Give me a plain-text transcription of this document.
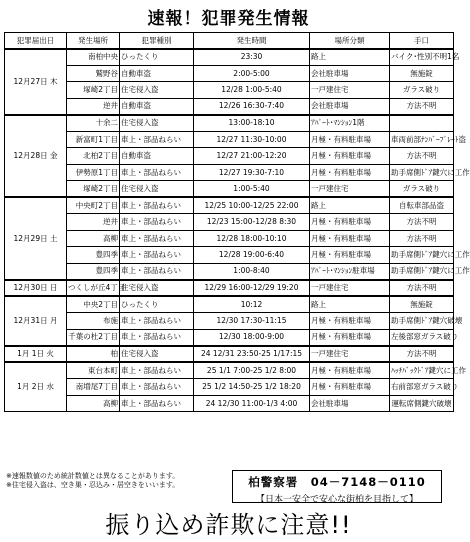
速報！犯罪発生情報
犯罪届出日	発生場所	犯罪種別	発生時間	場所分類	手口
12月27日 木	南柏中央	ひったくり	23:30	路上	バイク･性別不明1名
	鷲野谷	自動車盗	2:00-5:00	会社駐車場	無施錠
	塚崎2丁目	住宅侵入盗	12/28 1:00-5:40	一戸建住宅	ガラス破り
	逆井	自動車盗	12/26 16:30-7:40	会社駐車場	方法不明
12月28日 金	十余二	住宅侵入盗	13:00-18:10	ｱﾊﾟｰﾄ･ﾏﾝｼｮﾝ1階	
	新富町1丁目	車上・部品ねらい	12/27 11:30-10:00	月極・有料駐車場	車両前部ﾅﾝﾊﾞｰﾌﾟﾚｰﾄ盗
	北柏2丁目	自動車盗	12/27 21:00-12:20	月極・有料駐車場	方法不明
	伊勢原1丁目	車上・部品ねらい	12/27 19:30-7:10	月極・有料駐車場	助手席側ﾄﾞｱ鍵穴に工作
	塚崎2丁目	住宅侵入盗	1:00-5:40	一戸建住宅	ガラス破り
12月29日 土	中央町2丁目	車上・部品ねらい	12/25 10:00-12/25 22:00	路上	自転車部品盗
	逆井	車上・部品ねらい	12/23 15:00-12/28 8:30	月極・有料駐車場	方法不明
	高柳	車上・部品ねらい	12/28 18:00-10:10	月極・有料駐車場	方法不明
	豊四季	車上・部品ねらい	12/28 19:00-6:40	月極・有料駐車場	助手席側ﾄﾞｱ鍵穴に工作
	豊四季	車上・部品ねらい	1:00-8:40	ｱﾊﾟｰﾄ･ﾏﾝｼｮﾝ駐車場	助手席側ﾄﾞｱ鍵穴に工作
12月30日 日	つくしが丘4丁目	住宅侵入盗	12/29 16:00-12/29 19:20	一戸建住宅	方法不明
12月31日 月	中央2丁目	ひったくり	10:12	路上	無施錠
	布施	車上・部品ねらい	12/30 17:30-11:15	月極・有料駐車場	助手席側ﾄﾞｱ鍵穴破壊
	千葉の杜2丁目	車上・部品ねらい	12/30 18:00-9:00	月極・有料駐車場	左後部窓ガラス破り
1月 1日 火	柏	住宅侵入盗	24 12/31 23:50-25 1/17:15	一戸建住宅	方法不明
1月 2日 水	東台本町	車上・部品ねらい	25 1/1 7:00-25 1/2 8:00	月極・有料駐車場	ﾊｯﾁﾊﾞｯｸﾄﾞｱ鍵穴に工作
	南増尾7丁目	車上・部品ねらい	25 1/2 14:50-25 1/2 18:20	月極・有料駐車場	右前部窓ガラス破り
	高柳	車上・部品ねらい	24 12/30 11:00-1/3 4:00	会社駐車場	運転席側鍵穴破壊
※速報数値のため統計数値とは異なることがあります。
※住宅侵入盗は、空き巣・忍込み・居空きをいいます。	柏警察署　04－7148－0110
【日本一安全で安心な街柏を目指して】
振り込め詐欺に注意!!
